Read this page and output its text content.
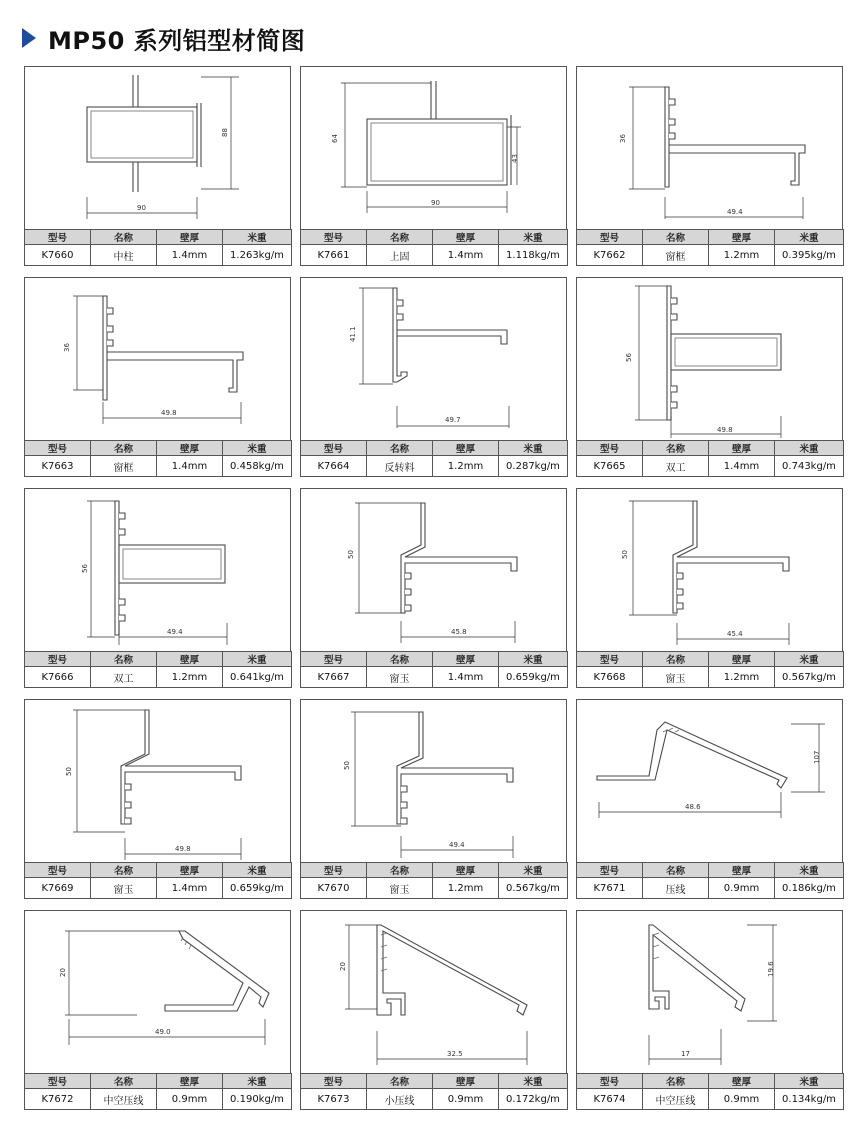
MP50 系列铝型材简图
90
88
型号	名称	壁厚	米重
K7660	中柱	1.4mm	1.263kg/m
90
64
43
型号	名称	壁厚	米重
K7661	上固	1.4mm	1.118kg/m
49.4
36
型号	名称	壁厚	米重
K7662	窗框	1.2mm	0.395kg/m
49.8
36
型号	名称	壁厚	米重
K7663	窗框	1.4mm	0.458kg/m
49.7
41.1
型号	名称	壁厚	米重
K7664	反转料	1.2mm	0.287kg/m
49.8
56
型号	名称	壁厚	米重
K7665	双工	1.4mm	0.743kg/m
49.4
56
型号	名称	壁厚	米重
K7666	双工	1.2mm	0.641kg/m
45.8
50
型号	名称	壁厚	米重
K7667	窗玉	1.4mm	0.659kg/m
45.4
50
型号	名称	壁厚	米重
K7668	窗玉	1.2mm	0.567kg/m
49.8
50
型号	名称	壁厚	米重
K7669	窗玉	1.4mm	0.659kg/m
49.4
50
型号	名称	壁厚	米重
K7670	窗玉	1.2mm	0.567kg/m
48.6
107
型号	名称	壁厚	米重
K7671	压线	0.9mm	0.186kg/m
49.0
20
型号	名称	壁厚	米重
K7672	中空压线	0.9mm	0.190kg/m
32.5
20
型号	名称	壁厚	米重
K7673	小压线	0.9mm	0.172kg/m
17
19.6
型号	名称	壁厚	米重
K7674	中空压线	0.9mm	0.134kg/m
